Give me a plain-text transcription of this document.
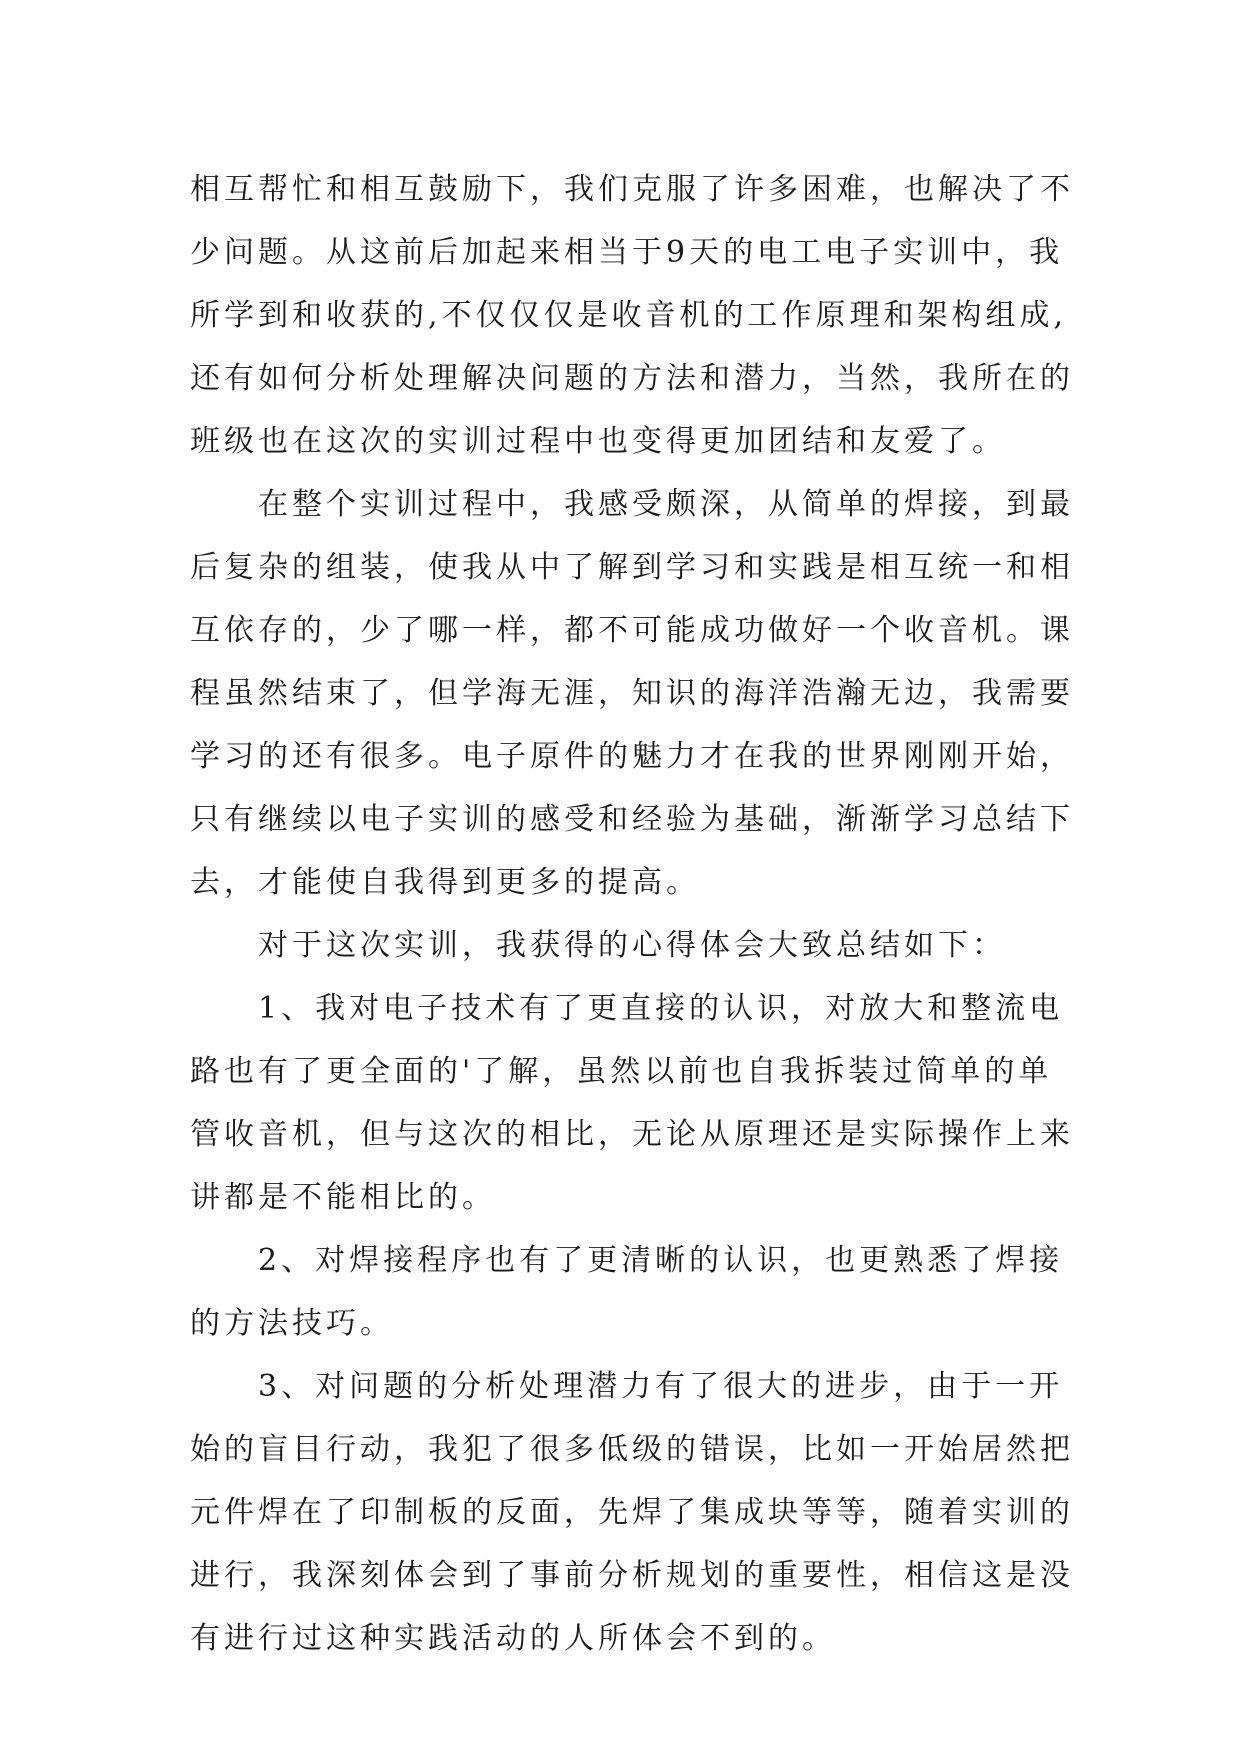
相互帮忙和相互鼓励下，我们克服了许多困难，也解决了不
少问题。从这前后加起来相当于9天的电工电子实训中，我
所学到和收获的,不仅仅仅是收音机的工作原理和架构组成,
还有如何分析处理解决问题的方法和潜力，当然，我所在的
班级也在这次的实训过程中也变得更加团结和友爱了。
在整个实训过程中，我感受颇深，从简单的焊接，到最
后复杂的组装，使我从中了解到学习和实践是相互统一和相
互依存的，少了哪一样，都不可能成功做好一个收音机。课
程虽然结束了，但学海无涯，知识的海洋浩瀚无边，我需要
学习的还有很多。电子原件的魅力才在我的世界刚刚开始，
只有继续以电子实训的感受和经验为基础，渐渐学习总结下
去，才能使自我得到更多的提高。
对于这次实训，我获得的心得体会大致总结如下：
1、我对电子技术有了更直接的认识，对放大和整流电
路也有了更全面的'了解，虽然以前也自我拆装过简单的单
管收音机，但与这次的相比，无论从原理还是实际操作上来
讲都是不能相比的。
2、对焊接程序也有了更清晰的认识，也更熟悉了焊接
的方法技巧。
3、对问题的分析处理潜力有了很大的进步，由于一开
始的盲目行动，我犯了很多低级的错误，比如一开始居然把
元件焊在了印制板的反面，先焊了集成块等等，随着实训的
进行，我深刻体会到了事前分析规划的重要性，相信这是没
有进行过这种实践活动的人所体会不到的。
